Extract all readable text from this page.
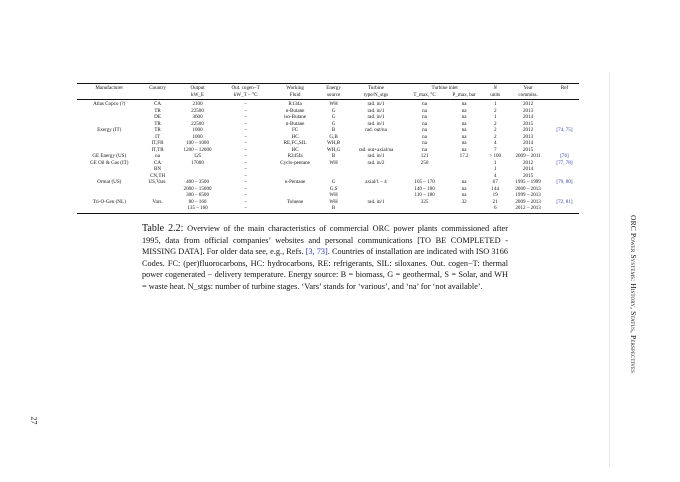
Manufacturer	Country	Output	Out. cogen−T	Working	Energy	Turbine	Turbine inlet		N	Year	Ref
		kW_E	kW_T − °C	Fluid	source	type/N_stgs	T_max, °C	P_max, bar	units	commiss.	
Atlas Copco (?)	CA	2100	–	R134a	WH	rad. in/1	na	na	1	2012	
	TR	22500	–	n-Butane	G	rad. in/1	na	na	2	2013	
	DE	3600	–	iso-Butane	G	rad. in/1	na	na	1	2014	
	TR	22500	–	n-Butane	G	rad. in/1	na	na	2	2015	
Exergy (IT)	TR	1000	–	FC	B	rad. out/na	na	na	2	2012	[74, 75]
	IT	1000	–	HC	G,B		na	na	2	2013	
	IT,FR	100 – 1000	–	RE,FC,SIL	WH,B		na	na	4	2014	
	IT,TR	1200 – 12000	–	HC	WH,G	rad. out+axial/na	na	na	7	2015	
GE Energy (US)	na	125	–	R245fa	B	rad. in/1	121	17.2	> 100	2009 – 2011	[76]
GE Oil & Gas (IT)	CA	17000	–	Cyclo-pentane	WH	rad. in/2	250		1	2012	[77, 78]
	BN		–						1	2014	
	CN,TH		–						4	2015	
Ormat (US)	US,Vars.	400 – 3500	–	n-Pentane	G	axial/1 – 4	105 – 170	na	67	1995 – 1999	[79, 80]
		2000 – 15000	–		G,S		140 – 180	na	144	2000 – 2013	
		300 – 6500	–		WH		110 – 180	na	19	1999 – 2013	
Tri-O-Gen (NL)	Vars.	80 – 160	–	Toluene	WH	rad. in/1	325	32	21	2009 – 2013	[72, 81]
		135 – 160	–		B				6	2012 – 2013	
Table 2.2: Overview of the main characteristics of commercial ORC power plants commissioned after 1995, data from official companies’ websites and personal communications [TO BE COMPLETED - MISSING DATA]. For older data see, e.g., Refs. [3, 73]. Countries of installation are indicated with ISO 3166 Codes. FC: (per)fluorocarbons, HC: hydrocarbons, RE: refrigerants, SIL: siloxanes. Out. cogen−T: thermal power cogenerated − delivery temperature. Energy source: B = biomass, G = geothermal, S = Solar, and WH = waste heat. N_stgs: number of turbine stages. ‘Vars’ stands for ‘various’, and ‘na’ for ‘not available’.	ORC Power Systems: History, Status, Perspectives
27
